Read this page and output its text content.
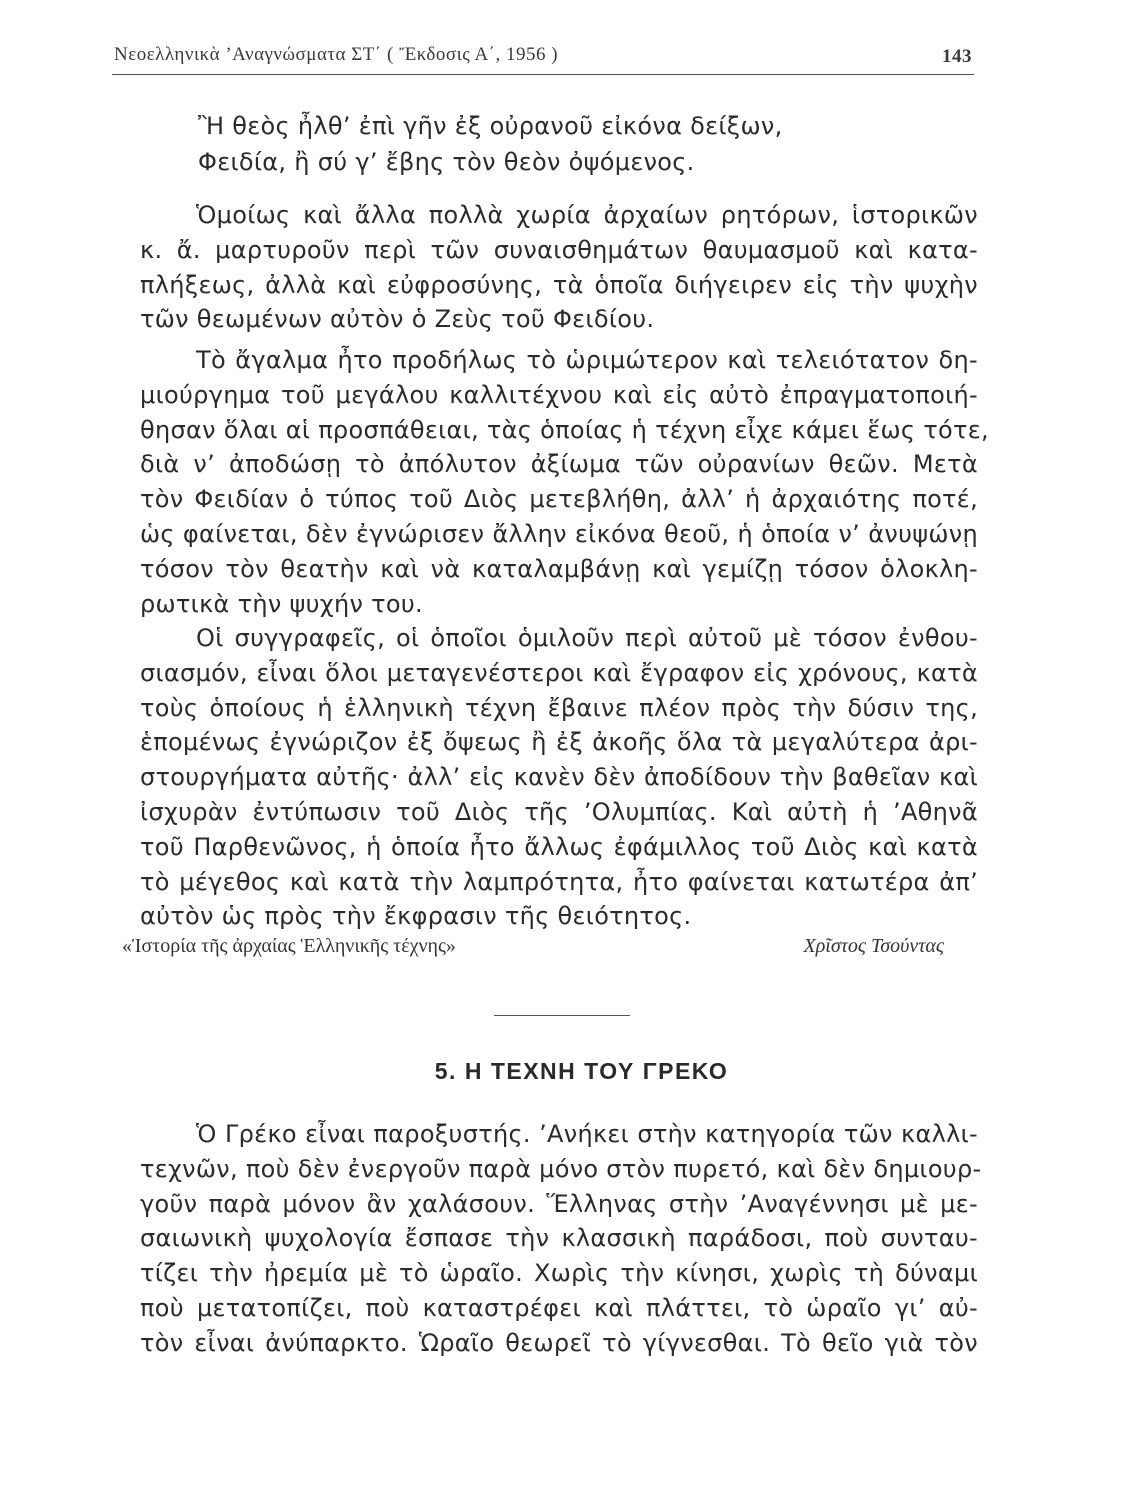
Νεοελληνικὰ ’Αναγνώσματα ΣΤ΄ ( Ἔκδοσις Α΄, 1956 )	143
Ἢ θεὸς ἦλθ’ ἐπὶ γῆν ἐξ οὐρανοῦ εἰκόνα δείξων,
Φειδία, ἢ σύ γ’ ἔβης τὸν θεὸν ὀψόμενος.
Ὁμοίως καὶ ἄλλα πολλὰ χωρία ἀρχαίων ρητόρων, ἱστορικῶν
κ. ἄ. μαρτυροῦν περὶ τῶν συναισθημάτων θαυμασμοῦ καὶ κατα-
πλήξεως, ἀλλὰ καὶ εὐφροσύνης, τὰ ὁποῖα διήγειρεν εἰς τὴν ψυχὴν
τῶν θεωμένων αὐτὸν ὁ Ζεὺς τοῦ Φειδίου.
Τὸ ἄγαλμα ἦτο προδήλως τὸ ὡριμώτερον καὶ τελειότατον δη-
μιούργημα τοῦ μεγάλου καλλιτέχνου καὶ εἰς αὐτὸ ἐπραγματοποιή-
θησαν ὅλαι αἱ προσπάθειαι, τὰς ὁποίας ἡ τέχνη εἶχε κάμει ἕως τότε,
διὰ ν’ ἀποδώσῃ τὸ ἀπόλυτον ἀξίωμα τῶν οὐρανίων θεῶν. Μετὰ
τὸν Φειδίαν ὁ τύπος τοῦ Διὸς μετεβλήθη, ἀλλ’ ἡ ἀρχαιότης ποτέ,
ὡς φαίνεται, δὲν ἐγνώρισεν ἄλλην εἰκόνα θεοῦ, ἡ ὁποία ν’ ἀνυψώνῃ
τόσον τὸν θεατὴν καὶ νὰ καταλαμβάνῃ καὶ γεμίζῃ τόσον ὁλοκλη-
ρωτικὰ τὴν ψυχήν του.
Οἱ συγγραφεῖς, οἱ ὁποῖοι ὁμιλοῦν περὶ αὐτοῦ μὲ τόσον ἐνθου-
σιασμόν, εἶναι ὅλοι μεταγενέστεροι καὶ ἔγραφον εἰς χρόνους, κατὰ
τοὺς ὁποίους ἡ ἑλληνικὴ τέχνη ἔβαινε πλέον πρὸς τὴν δύσιν της,
ἑπομένως ἐγνώριζον ἐξ ὄψεως ἢ ἐξ ἀκοῆς ὅλα τὰ μεγαλύτερα ἀρι-
στουργήματα αὐτῆς· ἀλλ’ εἰς κανὲν δὲν ἀποδίδουν τὴν βαθεῖαν καὶ
ἰσχυρὰν ἐντύπωσιν τοῦ Διὸς τῆς ’Ολυμπίας. Καὶ αὐτὴ ἡ ’Αθηνᾶ
τοῦ Παρθενῶνος, ἡ ὁποία ἦτο ἄλλως ἐφάμιλλος τοῦ Διὸς καὶ κατὰ
τὸ μέγεθος καὶ κατὰ τὴν λαμπρότητα, ἦτο φαίνεται κατωτέρα ἀπ’
αὐτὸν ὡς πρὸς τὴν ἔκφρασιν τῆς θειότητος.
«Ἱστορία τῆς ἀρχαίας Ἑλληνικῆς τέχνης»	Χρῖστος Τσούντας
5. Η ΤΕΧΝΗ ΤΟΥ ΓΡΕΚΟ
Ὁ Γρέκο εἶναι παροξυστής. ’Ανήκει στὴν κατηγορία τῶν καλλι-
τεχνῶν, ποὺ δὲν ἐνεργοῦν παρὰ μόνο στὸν πυρετό, καὶ δὲν δημιουρ-
γοῦν παρὰ μόνον ἂν χαλάσουν. Ἕλληνας στὴν ’Αναγέννησι μὲ με-
σαιωνικὴ ψυχολογία ἔσπασε τὴν κλασσικὴ παράδοσι, ποὺ συνταυ-
τίζει τὴν ἠρεμία μὲ τὸ ὡραῖο. Χωρὶς τὴν κίνησι, χωρὶς τὴ δύναμι
ποὺ μετατοπίζει, ποὺ καταστρέφει καὶ πλάττει, τὸ ὡραῖο γι’ αὐ-
τὸν εἶναι ἀνύπαρκτο. Ὡραῖο θεωρεῖ τὸ γίγνεσθαι. Τὸ θεῖο γιὰ τὸν
